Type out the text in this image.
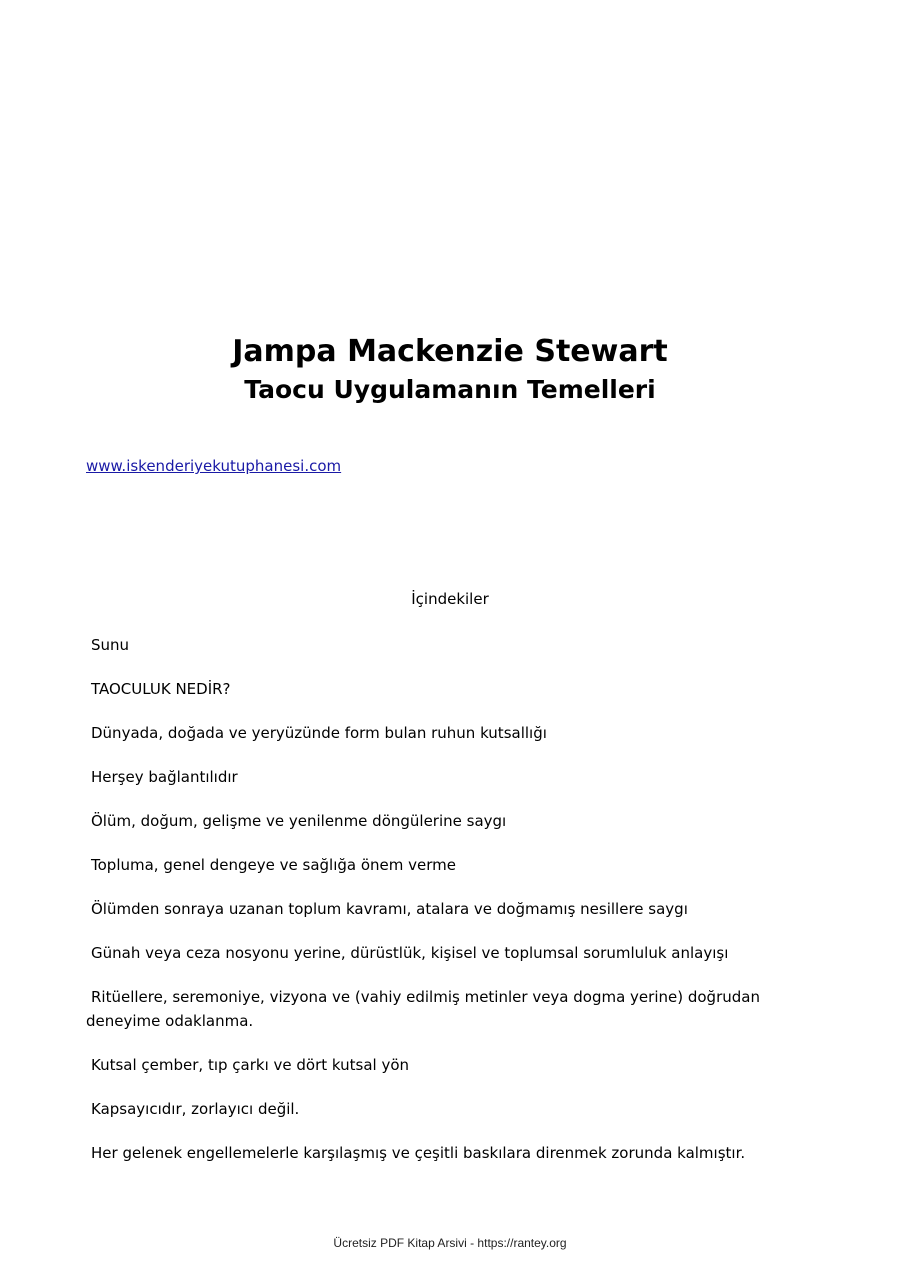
Jampa Mackenzie Stewart
Taocu Uygulamanın Temelleri
www.iskenderiyekutuphanesi.com
İçindekiler
Sunu
TAOCULUK NEDİR?
Dünyada, doğada ve yeryüzünde form bulan ruhun kutsallığı
Herşey bağlantılıdır
Ölüm, doğum, gelişme ve yenilenme döngülerine saygı
Topluma, genel dengeye ve sağlığa önem verme
Ölümden sonraya uzanan toplum kavramı, atalara ve doğmamış nesillere saygı
Günah veya ceza nosyonu yerine, dürüstlük, kişisel ve toplumsal sorumluluk anlayışı
Ritüellere, seremoniye, vizyona ve (vahiy edilmiş metinler veya dogma yerine) doğrudan deneyime odaklanma.
Kutsal çember, tıp çarkı ve dört kutsal yön
Kapsayıcıdır, zorlayıcı değil.
Her gelenek engellemelerle karşılaşmış ve çeşitli baskılara direnmek zorunda kalmıştır.
Ücretsiz PDF Kitap Arsivi - https://rantey.org
